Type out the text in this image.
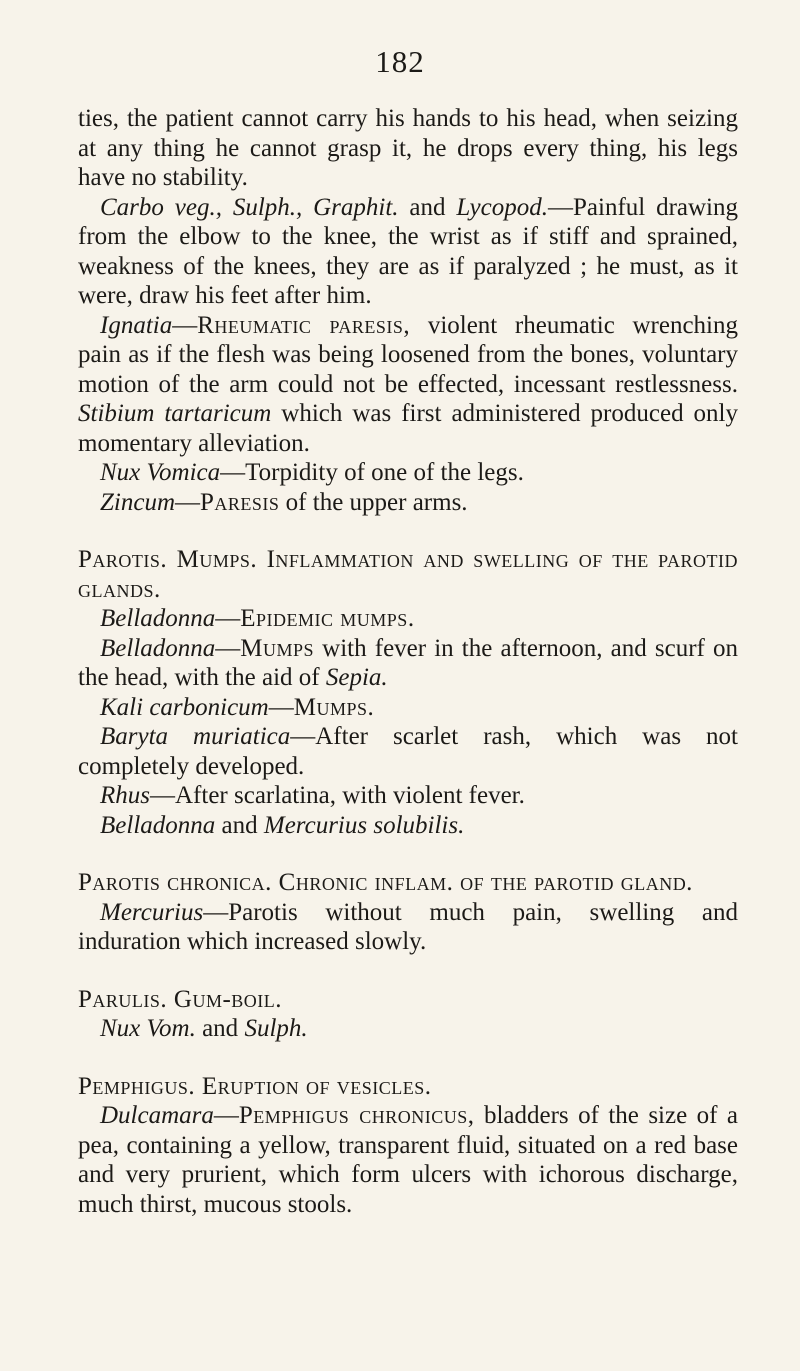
182

ties, the patient cannot carry his hands to his head, when seizing at any thing he cannot grasp it, he drops every thing, his legs have no stability.

Carbo veg., Sulph., Graphit. and Lycopod.—Painful drawing from the elbow to the knee, the wrist as if stiff and sprained, weakness of the knees, they are as if paralyzed ; he must, as it were, draw his feet after him.

Ignatia—Rheumatic paresis, violent rheumatic wrenching pain as if the flesh was being loosened from the bones, voluntary motion of the arm could not be effected, incessant restlessness. Stibium tartaricum which was first administered produced only momentary alleviation.

Nux Vomica—Torpidity of one of the legs.

Zincum—Paresis of the upper arms.

Parotis. Mumps. Inflammation and swelling of the parotid glands.

Belladonna—Epidemic mumps.

Belladonna—Mumps with fever in the afternoon, and scurf on the head, with the aid of Sepia.

Kali carbonicum—Mumps.

Baryta muriatica—After scarlet rash, which was not completely developed.

Rhus—After scarlatina, with violent fever.

Belladonna and Mercurius solubilis.

Parotis chronica. Chronic inflam. of the parotid gland.

Mercurius—Parotis without much pain, swelling and induration which increased slowly.

Parulis. Gum-boil.

Nux Vom. and Sulph.

Pemphigus. Eruption of vesicles.

Dulcamara—Pemphigus chronicus, bladders of the size of a pea, containing a yellow, transparent fluid, situated on a red base and very prurient, which form ulcers with ichorous discharge, much thirst, mucous stools.
